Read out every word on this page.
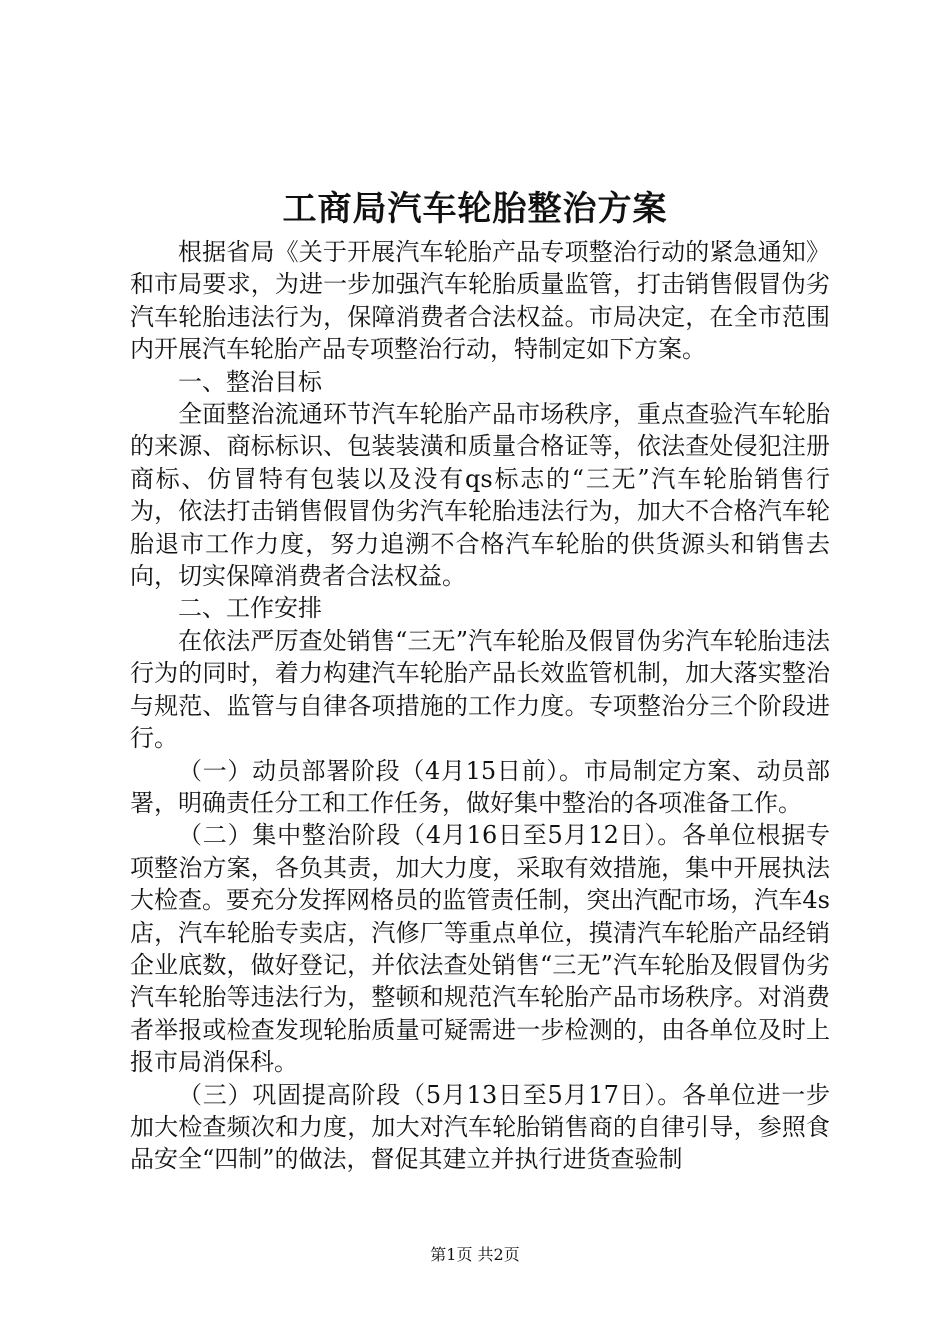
工商局汽车轮胎整治方案

根据省局《关于开展汽车轮胎产品专项整治行动的紧急通知》和市局要求，为进一步加强汽车轮胎质量监管，打击销售假冒伪劣汽车轮胎违法行为，保障消费者合法权益。市局决定，在全市范围内开展汽车轮胎产品专项整治行动，特制定如下方案。

一、整治目标

全面整治流通环节汽车轮胎产品市场秩序，重点查验汽车轮胎的来源、商标标识、包装装潢和质量合格证等，依法查处侵犯注册商标、仿冒特有包装以及没有qs标志的“三无”汽车轮胎销售行为，依法打击销售假冒伪劣汽车轮胎违法行为，加大不合格汽车轮胎退市工作力度，努力追溯不合格汽车轮胎的供货源头和销售去向，切实保障消费者合法权益。

二、工作安排

在依法严厉查处销售“三无”汽车轮胎及假冒伪劣汽车轮胎违法行为的同时，着力构建汽车轮胎产品长效监管机制，加大落实整治与规范、监管与自律各项措施的工作力度。专项整治分三个阶段进行。

（一）动员部署阶段（4月15日前）。市局制定方案、动员部署，明确责任分工和工作任务，做好集中整治的各项准备工作。

（二）集中整治阶段（4月16日至5月12日）。各单位根据专项整治方案，各负其责，加大力度，采取有效措施，集中开展执法大检查。要充分发挥网格员的监管责任制，突出汽配市场，汽车4s店，汽车轮胎专卖店，汽修厂等重点单位，摸清汽车轮胎产品经销企业底数，做好登记，并依法查处销售“三无”汽车轮胎及假冒伪劣汽车轮胎等违法行为，整顿和规范汽车轮胎产品市场秩序。对消费者举报或检查发现轮胎质量可疑需进一步检测的，由各单位及时上报市局消保科。

（三）巩固提高阶段（5月13日至5月17日）。各单位进一步加大检查频次和力度，加大对汽车轮胎销售商的自律引导，参照食品安全“四制”的做法，督促其建立并执行进货查验制

第1页 共2页
